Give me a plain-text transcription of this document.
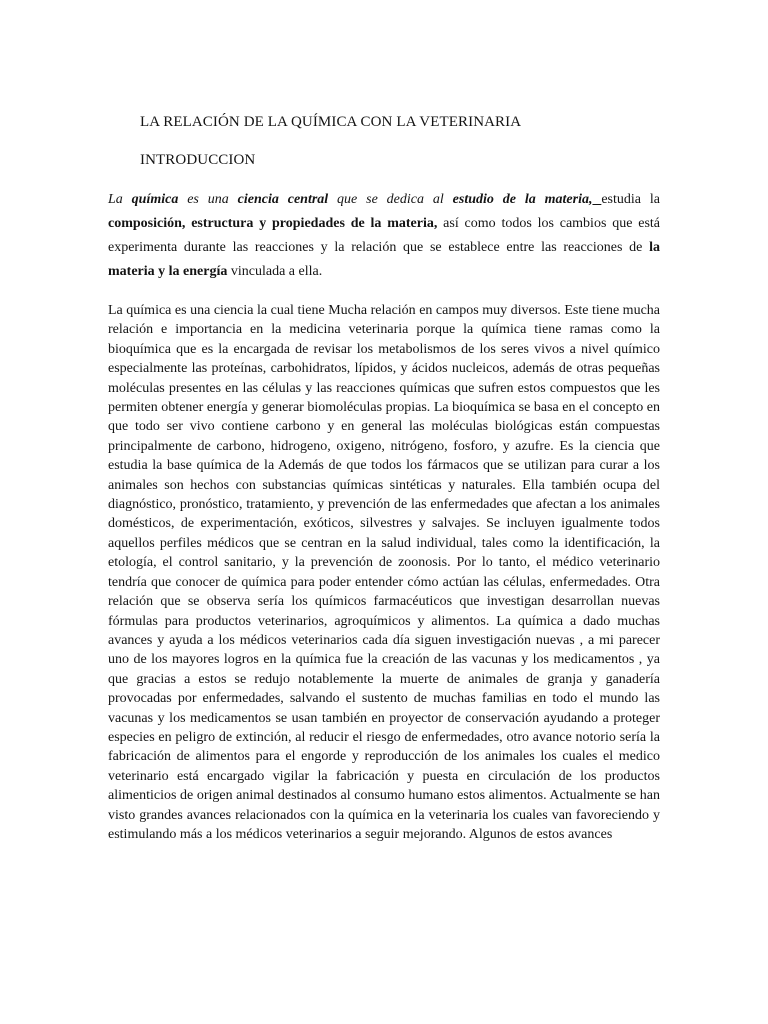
LA RELACIÓN DE LA QUÍMICA CON LA VETERINARIA
INTRODUCCION

La química es una ciencia central que se dedica al estudio de la materia, estudia la composición, estructura y propiedades de la materia, así como todos los cambios que está experimenta durante las reacciones y la relación que se establece entre las reacciones de la materia y la energía vinculada a ella.

La química es una ciencia la cual tiene Mucha relación en campos muy diversos. Este tiene mucha relación e importancia en la medicina veterinaria porque la química tiene ramas como la bioquímica que es la encargada de revisar los metabolismos de los seres vivos a nivel químico especialmente las proteínas, carbohidratos, lípidos, y ácidos nucleicos, además de otras pequeñas moléculas presentes en las células y las reacciones químicas que sufren estos compuestos que les permiten obtener energía y generar biomoléculas propias. La bioquímica se basa en el concepto en que todo ser vivo contiene carbono y en general las moléculas biológicas están compuestas principalmente de carbono, hidrogeno, oxigeno, nitrógeno, fosforo, y azufre. Es la ciencia que estudia la base química de la Además de que todos los fármacos que se utilizan para curar a los animales son hechos con substancias químicas sintéticas y naturales. Ella también ocupa del diagnóstico, pronóstico, tratamiento, y prevención de las enfermedades que afectan a los animales domésticos, de experimentación, exóticos, silvestres y salvajes. Se incluyen igualmente todos aquellos perfiles médicos que se centran en la salud individual, tales como la identificación, la etología, el control sanitario, y la prevención de zoonosis. Por lo tanto, el médico veterinario tendría que conocer de química para poder entender cómo actúan las células, enfermedades. Otra relación que se observa sería los químicos farmacéuticos que investigan desarrollan nuevas fórmulas para productos veterinarios, agroquímicos y alimentos. La química a dado muchas avances y ayuda a los médicos veterinarios cada día siguen investigación nuevas , a mi parecer uno de los mayores logros en la química fue la creación de las vacunas y los medicamentos , ya que gracias a estos se redujo notablemente la muerte de animales de granja y ganadería provocadas por enfermedades, salvando el sustento de muchas familias en todo el mundo las vacunas y los medicamentos se usan también en proyector de conservación ayudando a proteger especies en peligro de extinción, al reducir el riesgo de enfermedades, otro avance notorio sería la fabricación de alimentos para el engorde y reproducción de los animales los cuales el medico veterinario está encargado vigilar la fabricación y puesta en circulación de los productos alimenticios de origen animal destinados al consumo humano estos alimentos. Actualmente se han visto grandes avances relacionados con la química en la veterinaria los cuales van favoreciendo y estimulando más a los médicos veterinarios a seguir mejorando. Algunos de estos avances
